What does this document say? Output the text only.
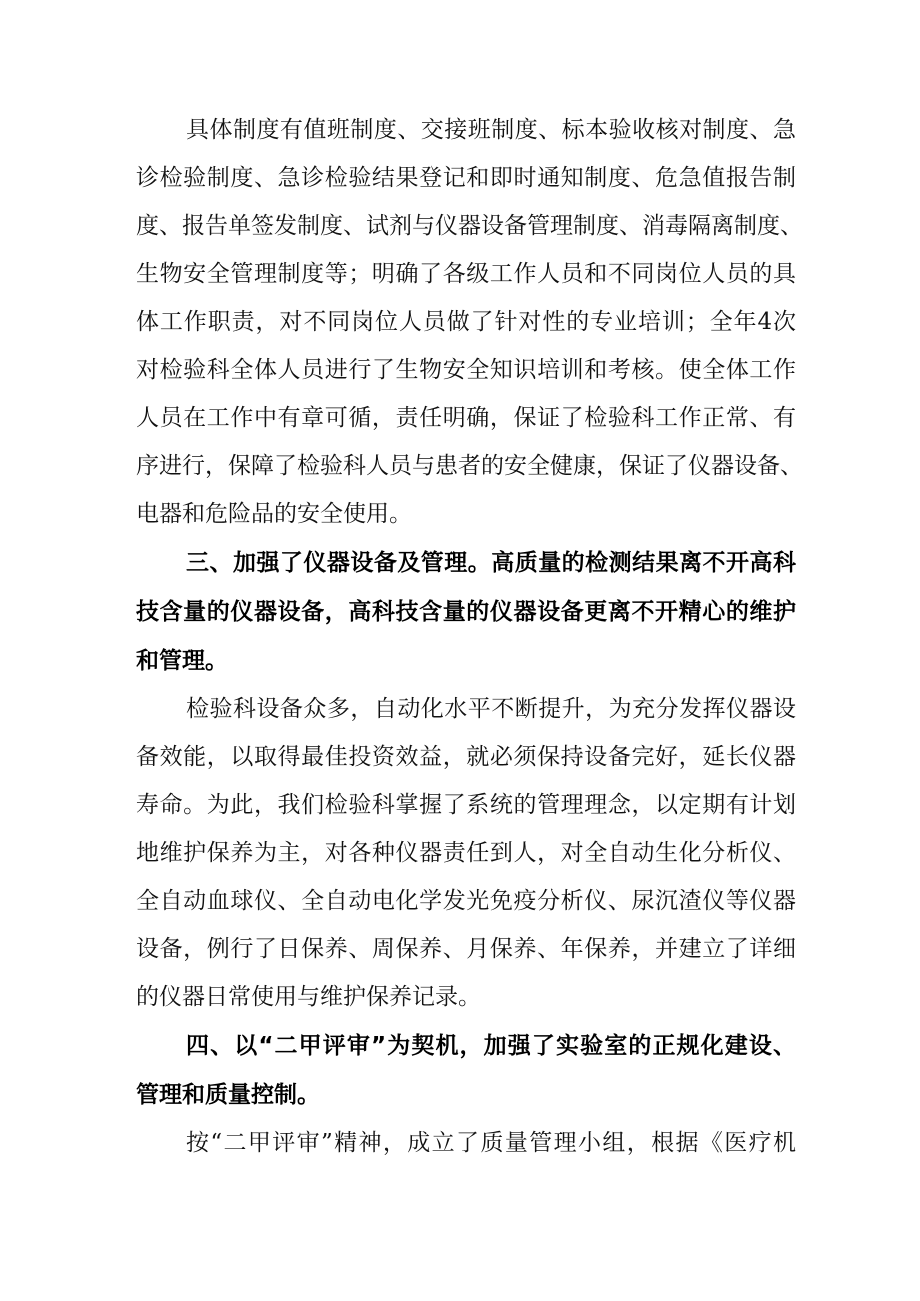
具体制度有值班制度、交接班制度、标本验收核对制度、急
诊检验制度、急诊检验结果登记和即时通知制度、危急值报告制
度、报告单签发制度、试剂与仪器设备管理制度、消毒隔离制度、
生物安全管理制度等；明确了各级工作人员和不同岗位人员的具
体工作职责，对不同岗位人员做了针对性的专业培训；全年4次
对检验科全体人员进行了生物安全知识培训和考核。使全体工作
人员在工作中有章可循，责任明确，保证了检验科工作正常、有
序进行，保障了检验科人员与患者的安全健康，保证了仪器设备、
电器和危险品的安全使用。
三、加强了仪器设备及管理。高质量的检测结果离不开高科
技含量的仪器设备，高科技含量的仪器设备更离不开精心的维护
和管理。
检验科设备众多，自动化水平不断提升，为充分发挥仪器设
备效能，以取得最佳投资效益，就必须保持设备完好，延长仪器
寿命。为此，我们检验科掌握了系统的管理理念，以定期有计划
地维护保养为主，对各种仪器责任到人，对全自动生化分析仪、
全自动血球仪、全自动电化学发光免疫分析仪、尿沉渣仪等仪器
设备，例行了日保养、周保养、月保养、年保养，并建立了详细
的仪器日常使用与维护保养记录。
四、以“二甲评审”为契机，加强了实验室的正规化建设、
管理和质量控制。
按“二甲评审”精神，成立了质量管理小组，根据《医疗机
